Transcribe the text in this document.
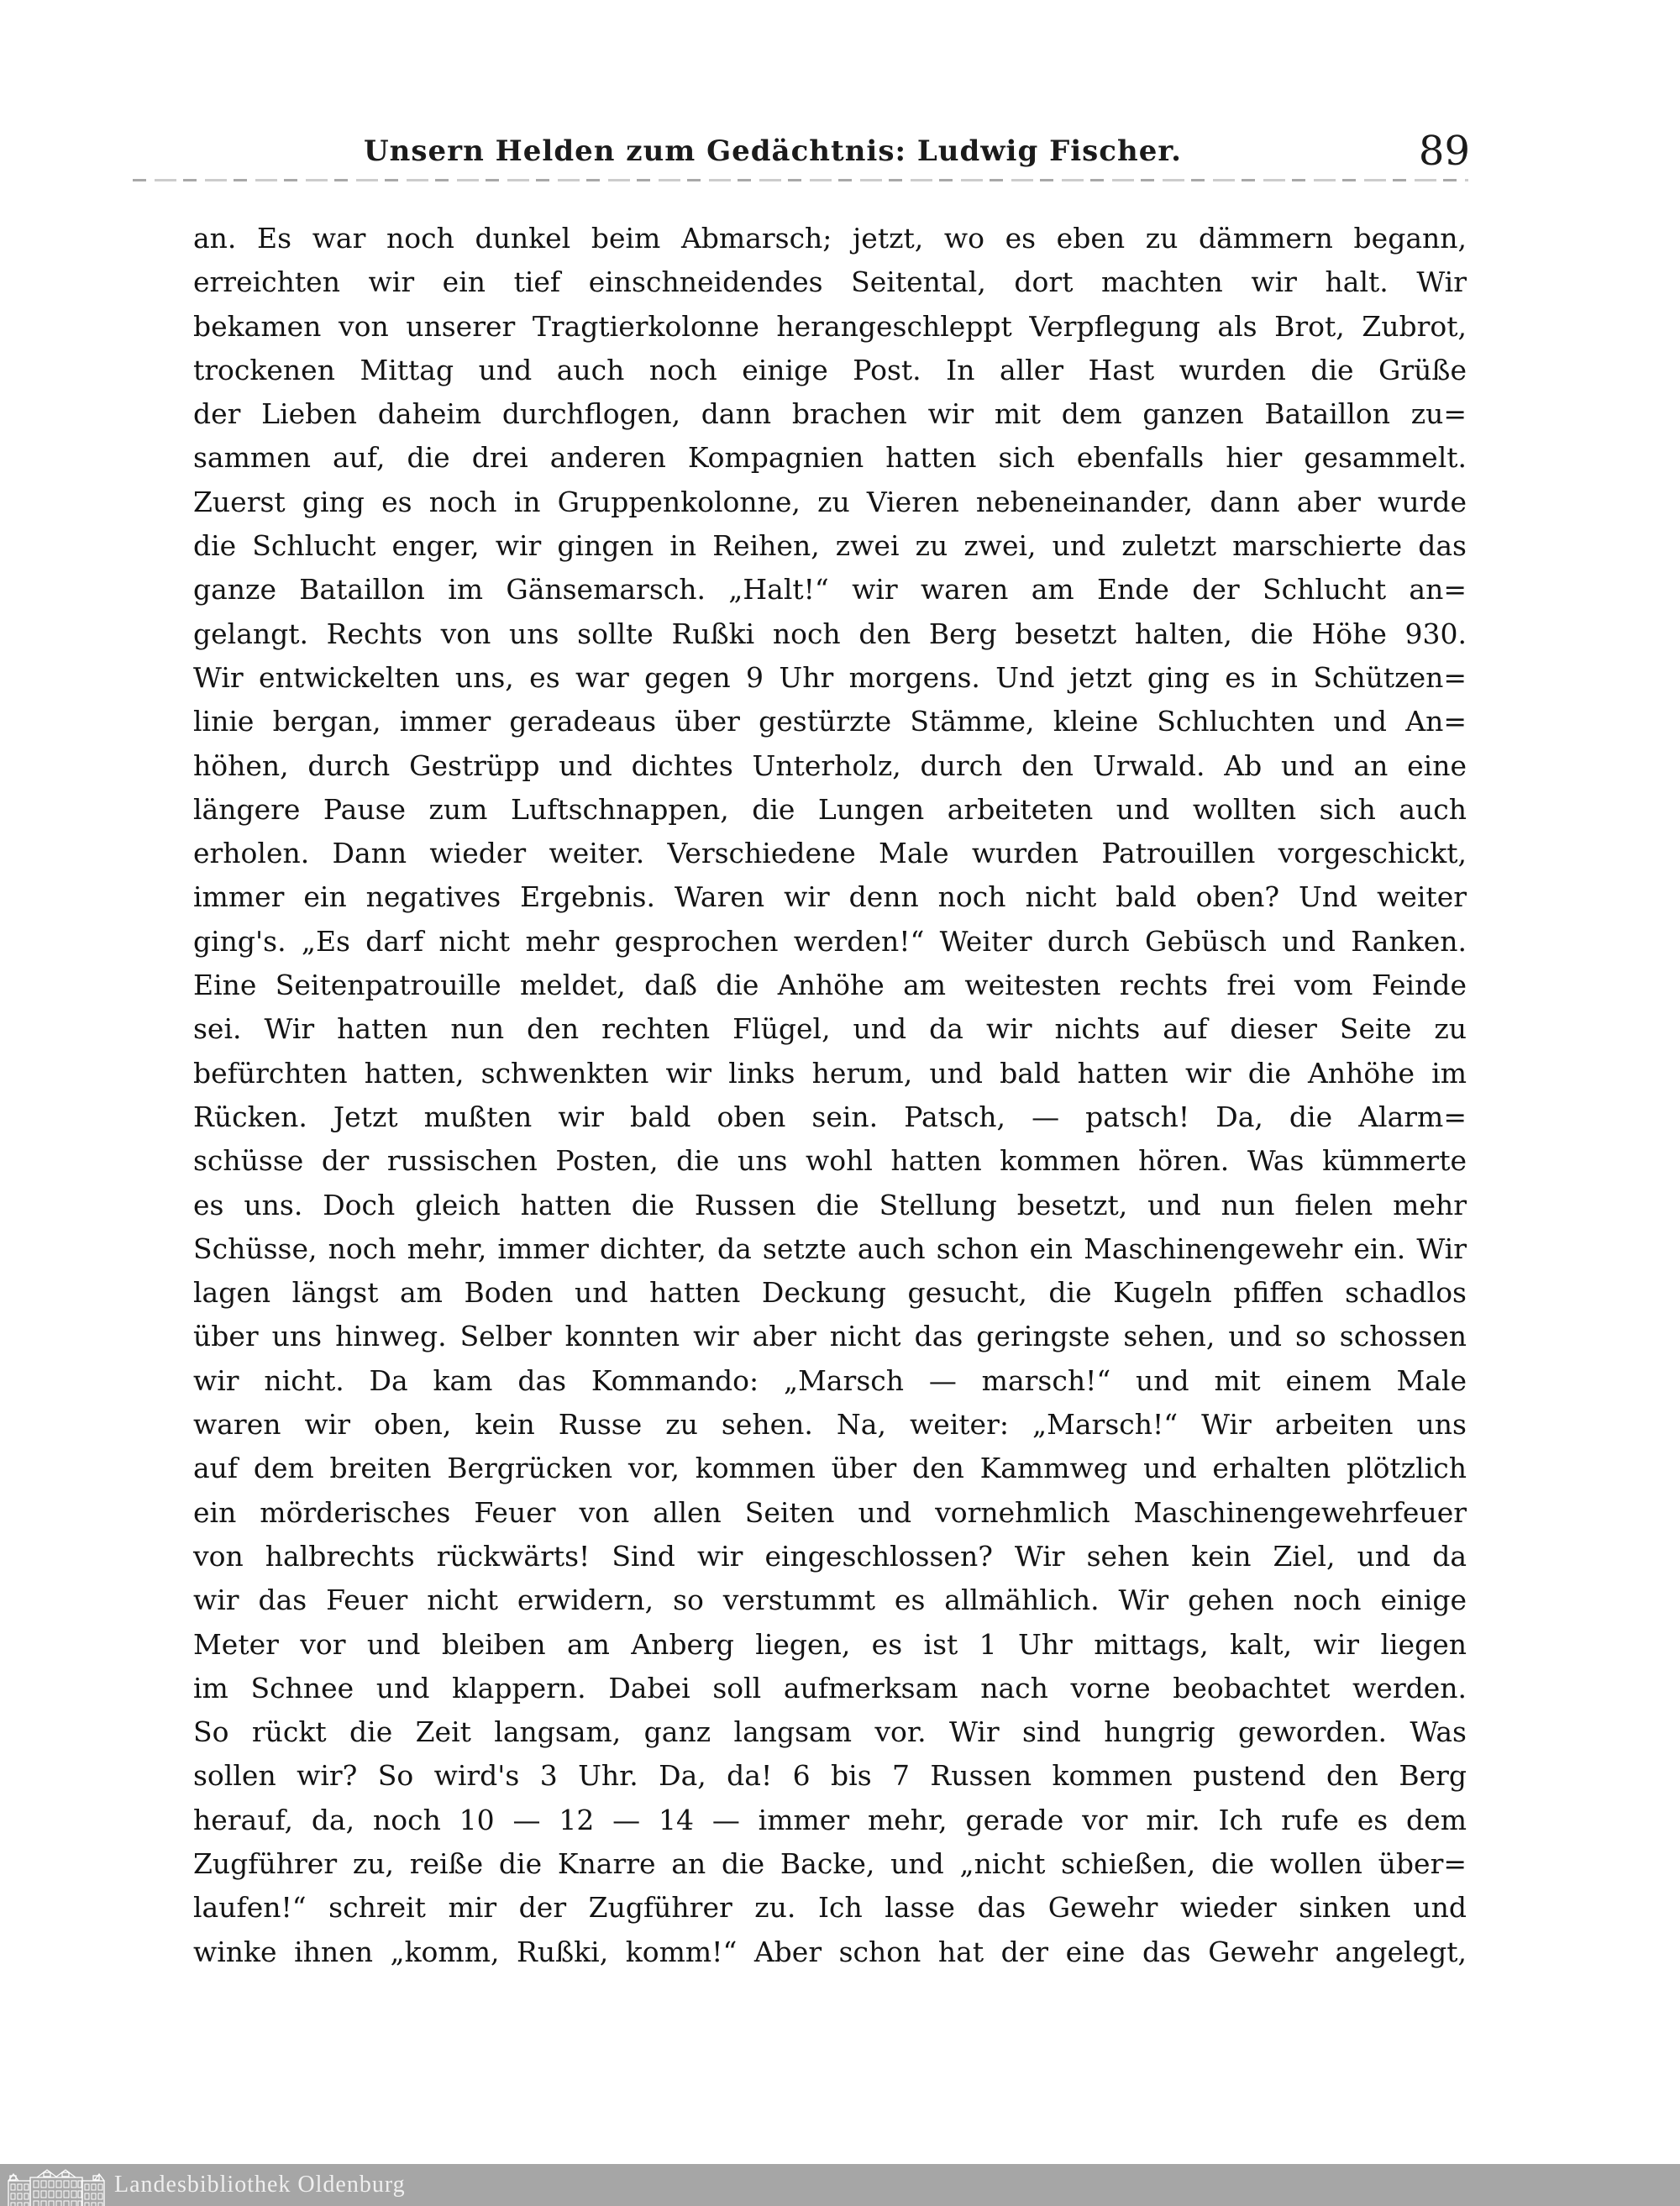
Unsern Helden zum Gedächtnis: Ludwig Fischer.	89
an. Es war noch dunkel beim Abmarsch; jetzt, wo es eben zu dämmern begann,
erreichten wir ein tief einschneidendes Seitental, dort machten wir halt. Wir
bekamen von unserer Tragtierkolonne herangeschleppt Verpflegung als Brot, Zubrot,
trockenen Mittag und auch noch einige Post. In aller Hast wurden die Grüße
der Lieben daheim durchflogen, dann brachen wir mit dem ganzen Bataillon zu=
sammen auf, die drei anderen Kompagnien hatten sich ebenfalls hier gesammelt.
Zuerst ging es noch in Gruppenkolonne, zu Vieren nebeneinander, dann aber wurde
die Schlucht enger, wir gingen in Reihen, zwei zu zwei, und zuletzt marschierte das
ganze Bataillon im Gänsemarsch. „Halt!“ wir waren am Ende der Schlucht an=
gelangt. Rechts von uns sollte Rußki noch den Berg besetzt halten, die Höhe 930.
Wir entwickelten uns, es war gegen 9 Uhr morgens. Und jetzt ging es in Schützen=
linie bergan, immer geradeaus über gestürzte Stämme, kleine Schluchten und An=
höhen, durch Gestrüpp und dichtes Unterholz, durch den Urwald. Ab und an eine
längere Pause zum Luftschnappen, die Lungen arbeiteten und wollten sich auch
erholen. Dann wieder weiter. Verschiedene Male wurden Patrouillen vorgeschickt,
immer ein negatives Ergebnis. Waren wir denn noch nicht bald oben? Und weiter
ging's. „Es darf nicht mehr gesprochen werden!“ Weiter durch Gebüsch und Ranken.
Eine Seitenpatrouille meldet, daß die Anhöhe am weitesten rechts frei vom Feinde
sei. Wir hatten nun den rechten Flügel, und da wir nichts auf dieser Seite zu
befürchten hatten, schwenkten wir links herum, und bald hatten wir die Anhöhe im
Rücken. Jetzt mußten wir bald oben sein. Patsch, — patsch! Da, die Alarm=
schüsse der russischen Posten, die uns wohl hatten kommen hören. Was kümmerte
es uns. Doch gleich hatten die Russen die Stellung besetzt, und nun fielen mehr
Schüsse, noch mehr, immer dichter, da setzte auch schon ein Maschinengewehr ein. Wir
lagen längst am Boden und hatten Deckung gesucht, die Kugeln pfiffen schadlos
über uns hinweg. Selber konnten wir aber nicht das geringste sehen, und so schossen
wir nicht. Da kam das Kommando: „Marsch — marsch!“ und mit einem Male
waren wir oben, kein Russe zu sehen. Na, weiter: „Marsch!“ Wir arbeiten uns
auf dem breiten Bergrücken vor, kommen über den Kammweg und erhalten plötzlich
ein mörderisches Feuer von allen Seiten und vornehmlich Maschinengewehrfeuer
von halbrechts rückwärts! Sind wir eingeschlossen? Wir sehen kein Ziel, und da
wir das Feuer nicht erwidern, so verstummt es allmählich. Wir gehen noch einige
Meter vor und bleiben am Anberg liegen, es ist 1 Uhr mittags, kalt, wir liegen
im Schnee und klappern. Dabei soll aufmerksam nach vorne beobachtet werden.
So rückt die Zeit langsam, ganz langsam vor. Wir sind hungrig geworden. Was
sollen wir? So wird's 3 Uhr. Da, da! 6 bis 7 Russen kommen pustend den Berg
herauf, da, noch 10 — 12 — 14 — immer mehr, gerade vor mir. Ich rufe es dem
Zugführer zu, reiße die Knarre an die Backe, und „nicht schießen, die wollen über=
laufen!“ schreit mir der Zugführer zu. Ich lasse das Gewehr wieder sinken und
winke ihnen „komm, Rußki, komm!“ Aber schon hat der eine das Gewehr angelegt,
Landesbibliothek Oldenburg
